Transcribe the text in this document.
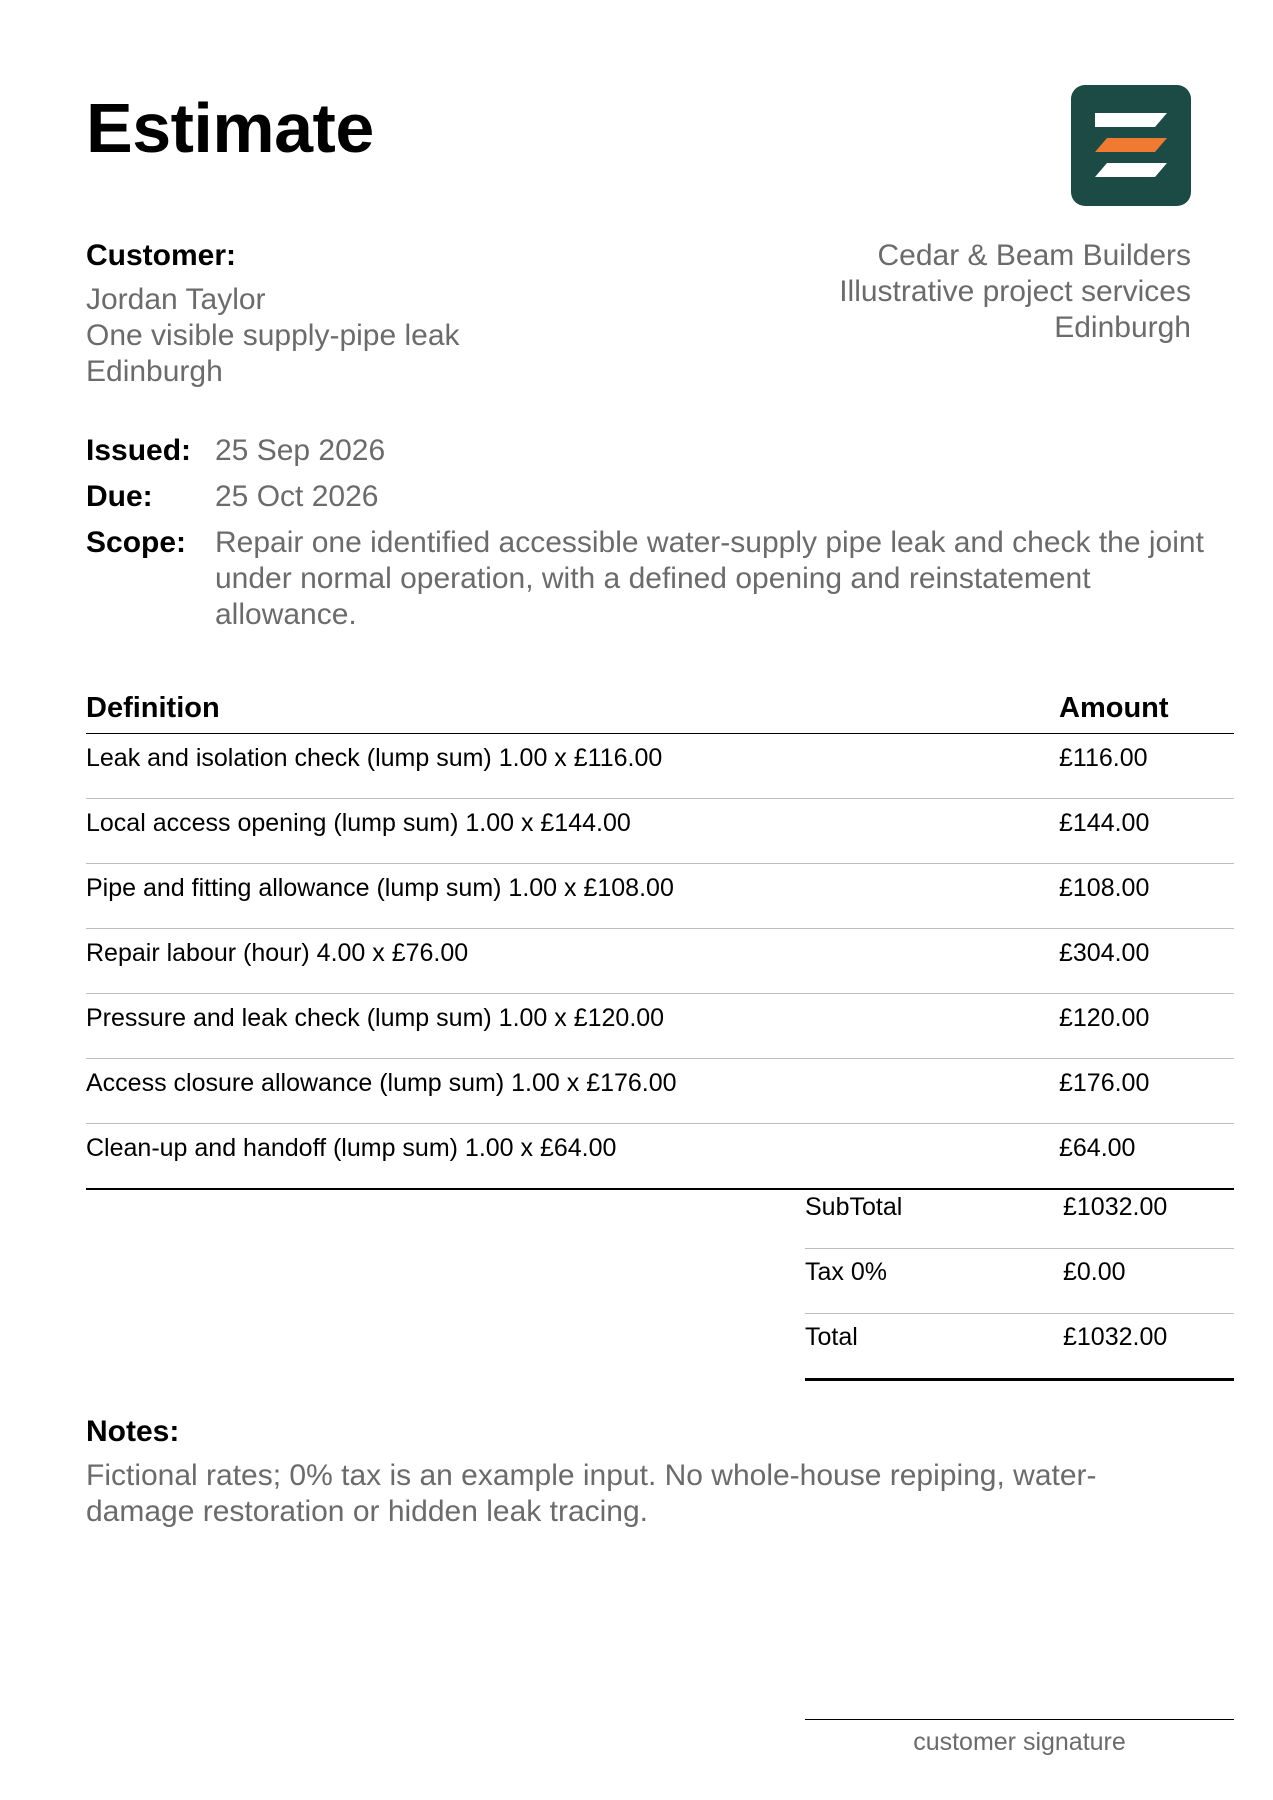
Estimate
Customer:
Jordan Taylor
One visible supply-pipe leak
Edinburgh
Cedar & Beam Builders
Illustrative project services
Edinburgh
Issued: 25 Sep 2026
Due:	25 Oct 2026
Scope: Repair one identified accessible water-supply pipe leak and check the joint under normal operation, with a defined opening and reinstatement allowance.
Definition	Amount
Leak and isolation check (lump sum) 1.00 x £116.00	£116.00
Local access opening (lump sum) 1.00 x £144.00	£144.00
Pipe and fitting allowance (lump sum) 1.00 x £108.00	£108.00
Repair labour (hour) 4.00 x £76.00	£304.00
Pressure and leak check (lump sum) 1.00 x £120.00	£120.00
Access closure allowance (lump sum) 1.00 x £176.00	£176.00
Clean-up and handoff (lump sum) 1.00 x £64.00	£64.00
SubTotal	£1032.00
Tax 0%	£0.00
Total	£1032.00
Notes:
Fictional rates; 0% tax is an example input. No whole-house repiping, water-damage restoration or hidden leak tracing.
customer signature
